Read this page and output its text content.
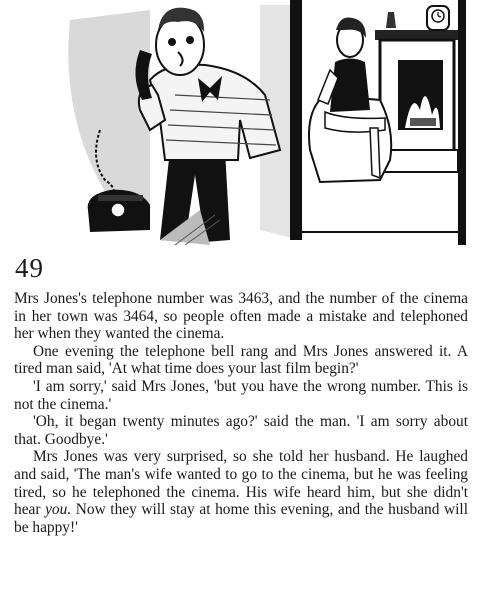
49

Mrs Jones's telephone number was 3463, and the number of the cinema in her town was 3464, so people often made a mistake and telephoned her when they wanted the cinema.

One evening the telephone bell rang and Mrs Jones answered it. A tired man said, 'At what time does your last film begin?'

'I am sorry,' said Mrs Jones, 'but you have the wrong number. This is not the cinema.'

'Oh, it began twenty minutes ago?' said the man. 'I am sorry about that. Goodbye.'

Mrs Jones was very surprised, so she told her husband. He laughed and said, 'The man's wife wanted to go to the cinema, but he was feeling tired, so he telephoned the cinema. His wife heard him, but she didn't hear you. Now they will stay at home this evening, and the husband will be happy!'
